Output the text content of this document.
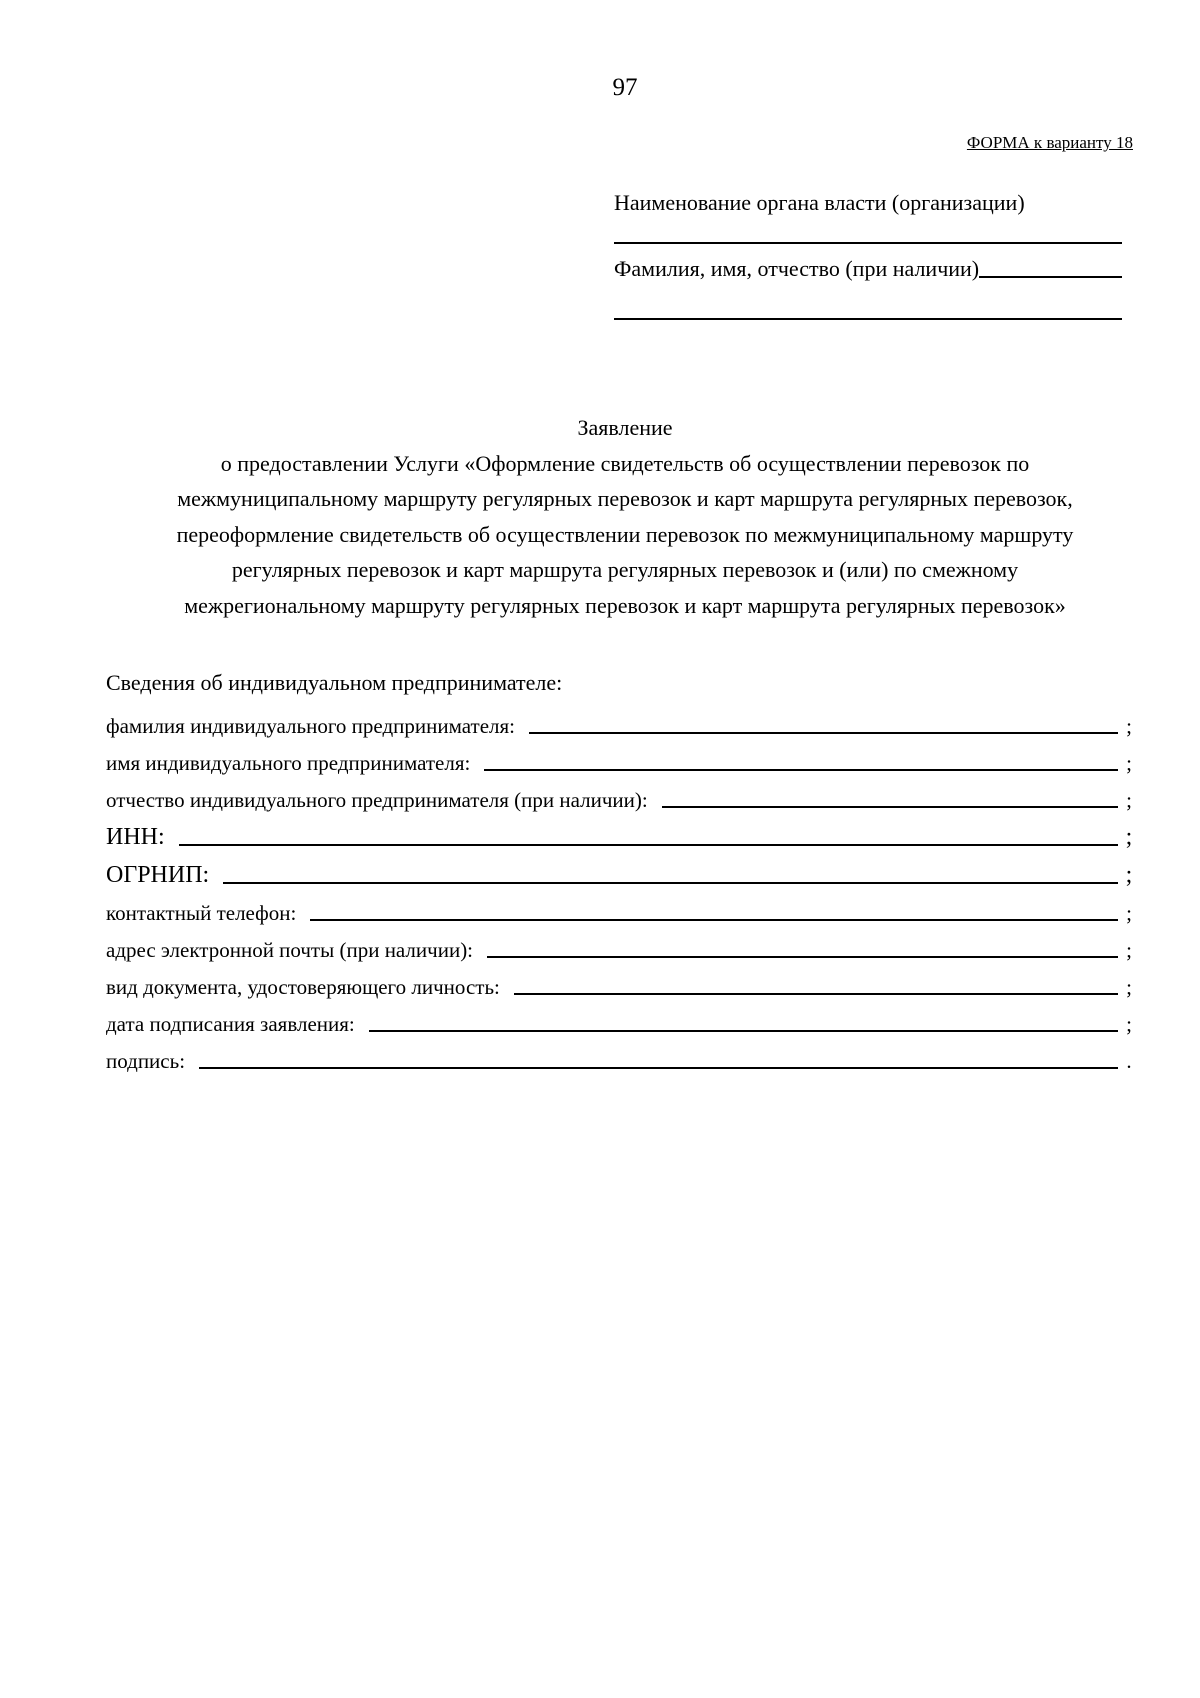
97
ФОРМА к варианту 18
Наименование органа власти (организации)
Фамилия, имя, отчество (при наличии)
Заявление
о предоставлении Услуги «Оформление свидетельств об осуществлении перевозок по
межмуниципальному маршруту регулярных перевозок и карт маршрута регулярных перевозок,
переоформление свидетельств об осуществлении перевозок по межмуниципальному маршруту
регулярных перевозок и карт маршрута регулярных перевозок и (или) по смежному
межрегиональному маршруту регулярных перевозок и карт маршрута регулярных перевозок»
Сведения об индивидуальном предпринимателе:
фамилия индивидуального предпринимателя:	;
имя индивидуального предпринимателя:	;
отчество индивидуального предпринимателя (при наличии):	;
ИНН:	;
ОГРНИП:	;
контактный телефон:	;
адрес электронной почты (при наличии):	;
вид документа, удостоверяющего личность:	;
дата подписания заявления:	;
подпись:	.
